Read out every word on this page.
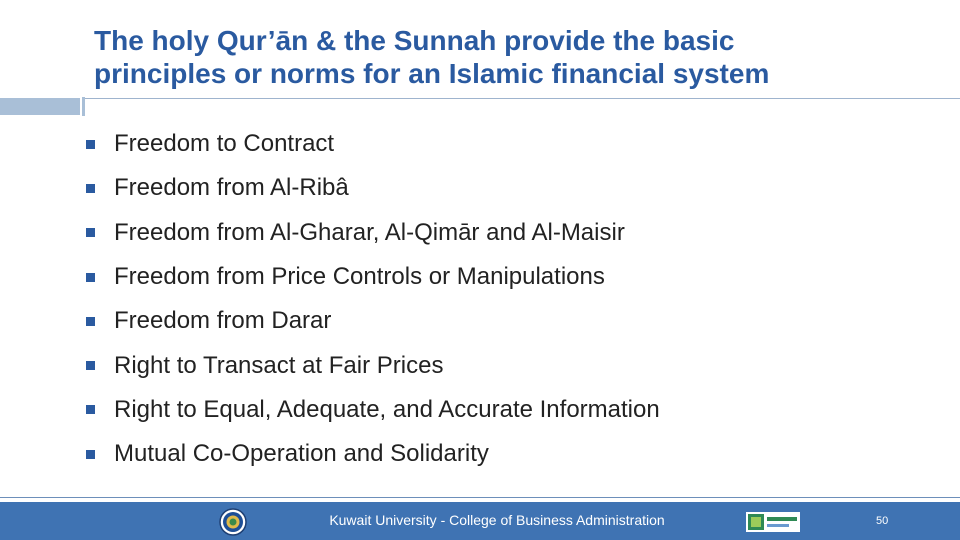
The holy Qur’ān & the Sunnah provide the basic
principles or norms for an Islamic financial system
Freedom to Contract
Freedom from Al-Ribâ
Freedom from Al-Gharar, Al-Qimār and Al-Maisir
Freedom from Price Controls or Manipulations
Freedom from Darar
Right to Transact at Fair Prices
Right to Equal, Adequate, and Accurate Information
Mutual Co-Operation and Solidarity
Kuwait University - College of Business Administration	50
